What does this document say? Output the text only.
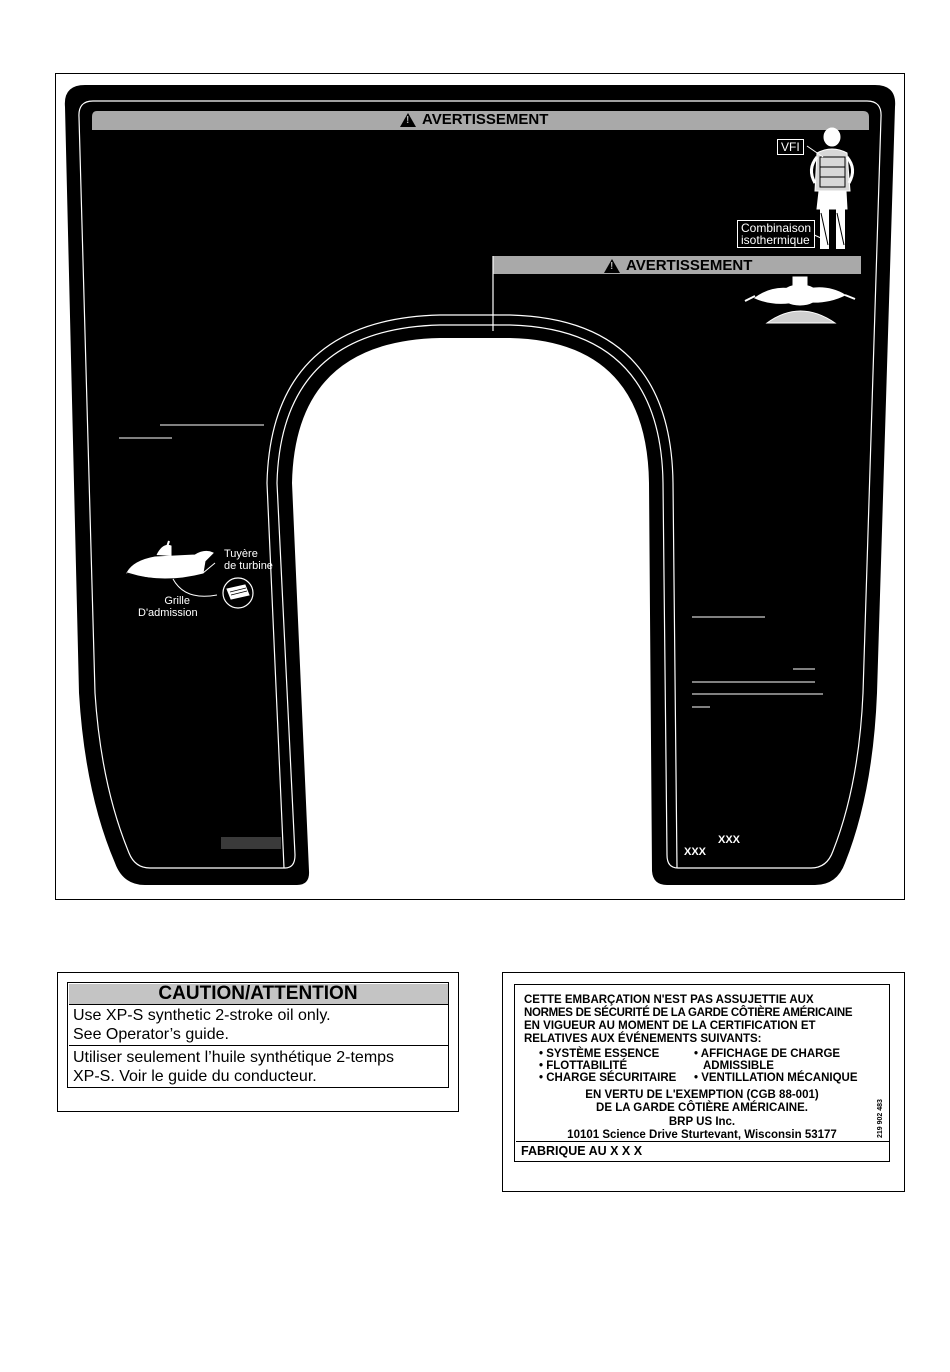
!
AVERTISSEMENT
!
AVERTISSEMENT
VFI
Combinaison
isothermique
Tuyère
de turbine
Grille
D'admission
XXX
XXX
CAUTION/ATTENTION
Use XP-S synthetic 2-stroke oil only.
See Operator’s guide.
Utiliser seulement l’huile synthétique 2-temps
XP-S. Voir le guide du conducteur.
CETTE EMBARÇATION N'EST PAS ASSUJETTIE AUX
NORMES DE SÉCURITÉ DE LA GARDE CÔTIÈRE AMÉRICAINE
EN VIGUEUR AU MOMENT DE LA CERTIFICATION ET
RELATIVES AUX ÉVÉNEMENTS SUIVANTS:
• SYSTÈME ESSENCE
• FLOTTABILITÉ
• CHARGE SÉCURITAIRE
• AFFICHAGE DE CHARGE
ADMISSIBLE
• VENTILLATION MÉCANIQUE
EN VERTU DE L'EXEMPTION (CGB 88-001)
DE LA GARDE CÔTIÈRE AMÉRICAINE.
BRP US Inc.
10101 Science Drive Sturtevant, Wisconsin 53177	219 902 483
FABRIQUE AU X X X
